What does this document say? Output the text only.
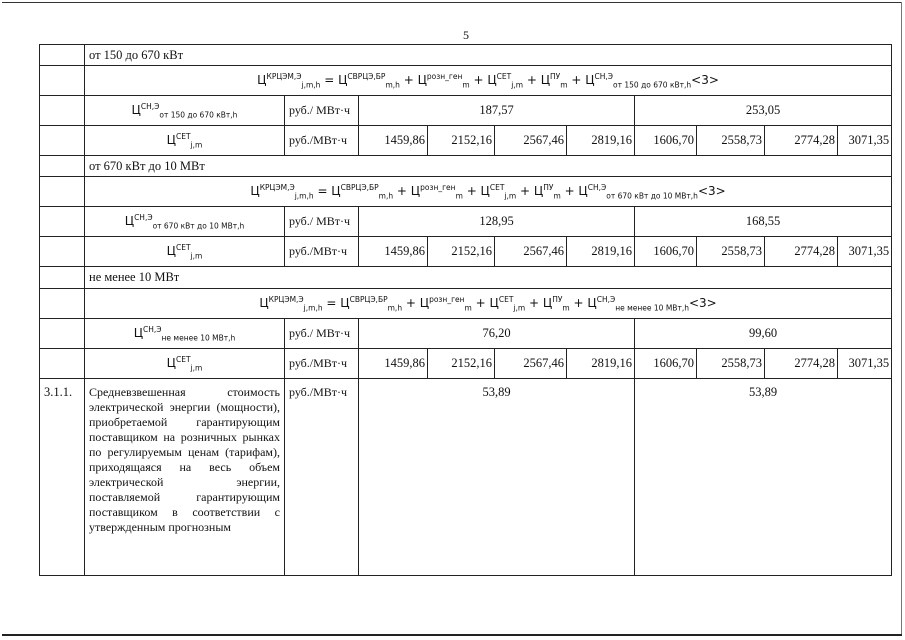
5
	от 150 до 670 кВт									
	$Ц^{КРЦЭМ,Э}_{j,m,h} = Ц^{СВРЦЭ,БР}_{m,h} + Ц^{розн\_ген}_m + Ц^{СЕТ}_{j,m} + Ц^{ПУ}_m + Ц^{СН,Э}_{от 150 до 670 кВт,h}<3>$									
	$Ц^{СН,Э}_{от 150 до 670 кВт,h}$	руб./ МВт·ч	187,57				253,05			
	$Ц^{СЕТ}_{j,m}$	руб./МВт·ч	1459,86	2152,16	2567,46	2819,16	1606,70	2558,73	2774,28	3071,35
	от 670 кВт до 10 МВт									
	$Ц^{КРЦЭМ,Э}_{j,m,h} = Ц^{СВРЦЭ,БР}_{m,h} + Ц^{розн\_ген}_m + Ц^{СЕТ}_{j,m} + Ц^{ПУ}_m + Ц^{СН,Э}_{от 670 кВт до 10 МВт,h}<3>$									
	$Ц^{СН,Э}_{от 670 кВт до 10 МВт,h}$	руб./ МВт·ч	128,95				168,55			
	$Ц^{СЕТ}_{j,m}$	руб./МВт·ч	1459,86	2152,16	2567,46	2819,16	1606,70	2558,73	2774,28	3071,35
	не менее 10 МВт									
	$Ц^{КРЦЭМ,Э}_{j,m,h} = Ц^{СВРЦЭ,БР}_{m,h} + Ц^{розн\_ген}_m + Ц^{СЕТ}_{j,m} + Ц^{ПУ}_m + Ц^{СН,Э}_{не менее 10 МВт,h}<3>$									
	$Ц^{СН,Э}_{не менее 10 МВт,h}$	руб./ МВт·ч	76,20				99,60			
	$Ц^{СЕТ}_{j,m}$	руб./МВт·ч	1459,86	2152,16	2567,46	2819,16	1606,70	2558,73	2774,28	3071,35
3.1.1.	Средневзвешенная стоимость электрической энергии (мощности), приобретаемой гарантирующим поставщиком на розничных рынках по регулируемым ценам (тарифам), приходящаяся на весь объем электрической энергии, поставляемой гарантирующим поставщиком в соответствии с утвержденным прогнозным	руб./МВт·ч	53,89				53,89			
